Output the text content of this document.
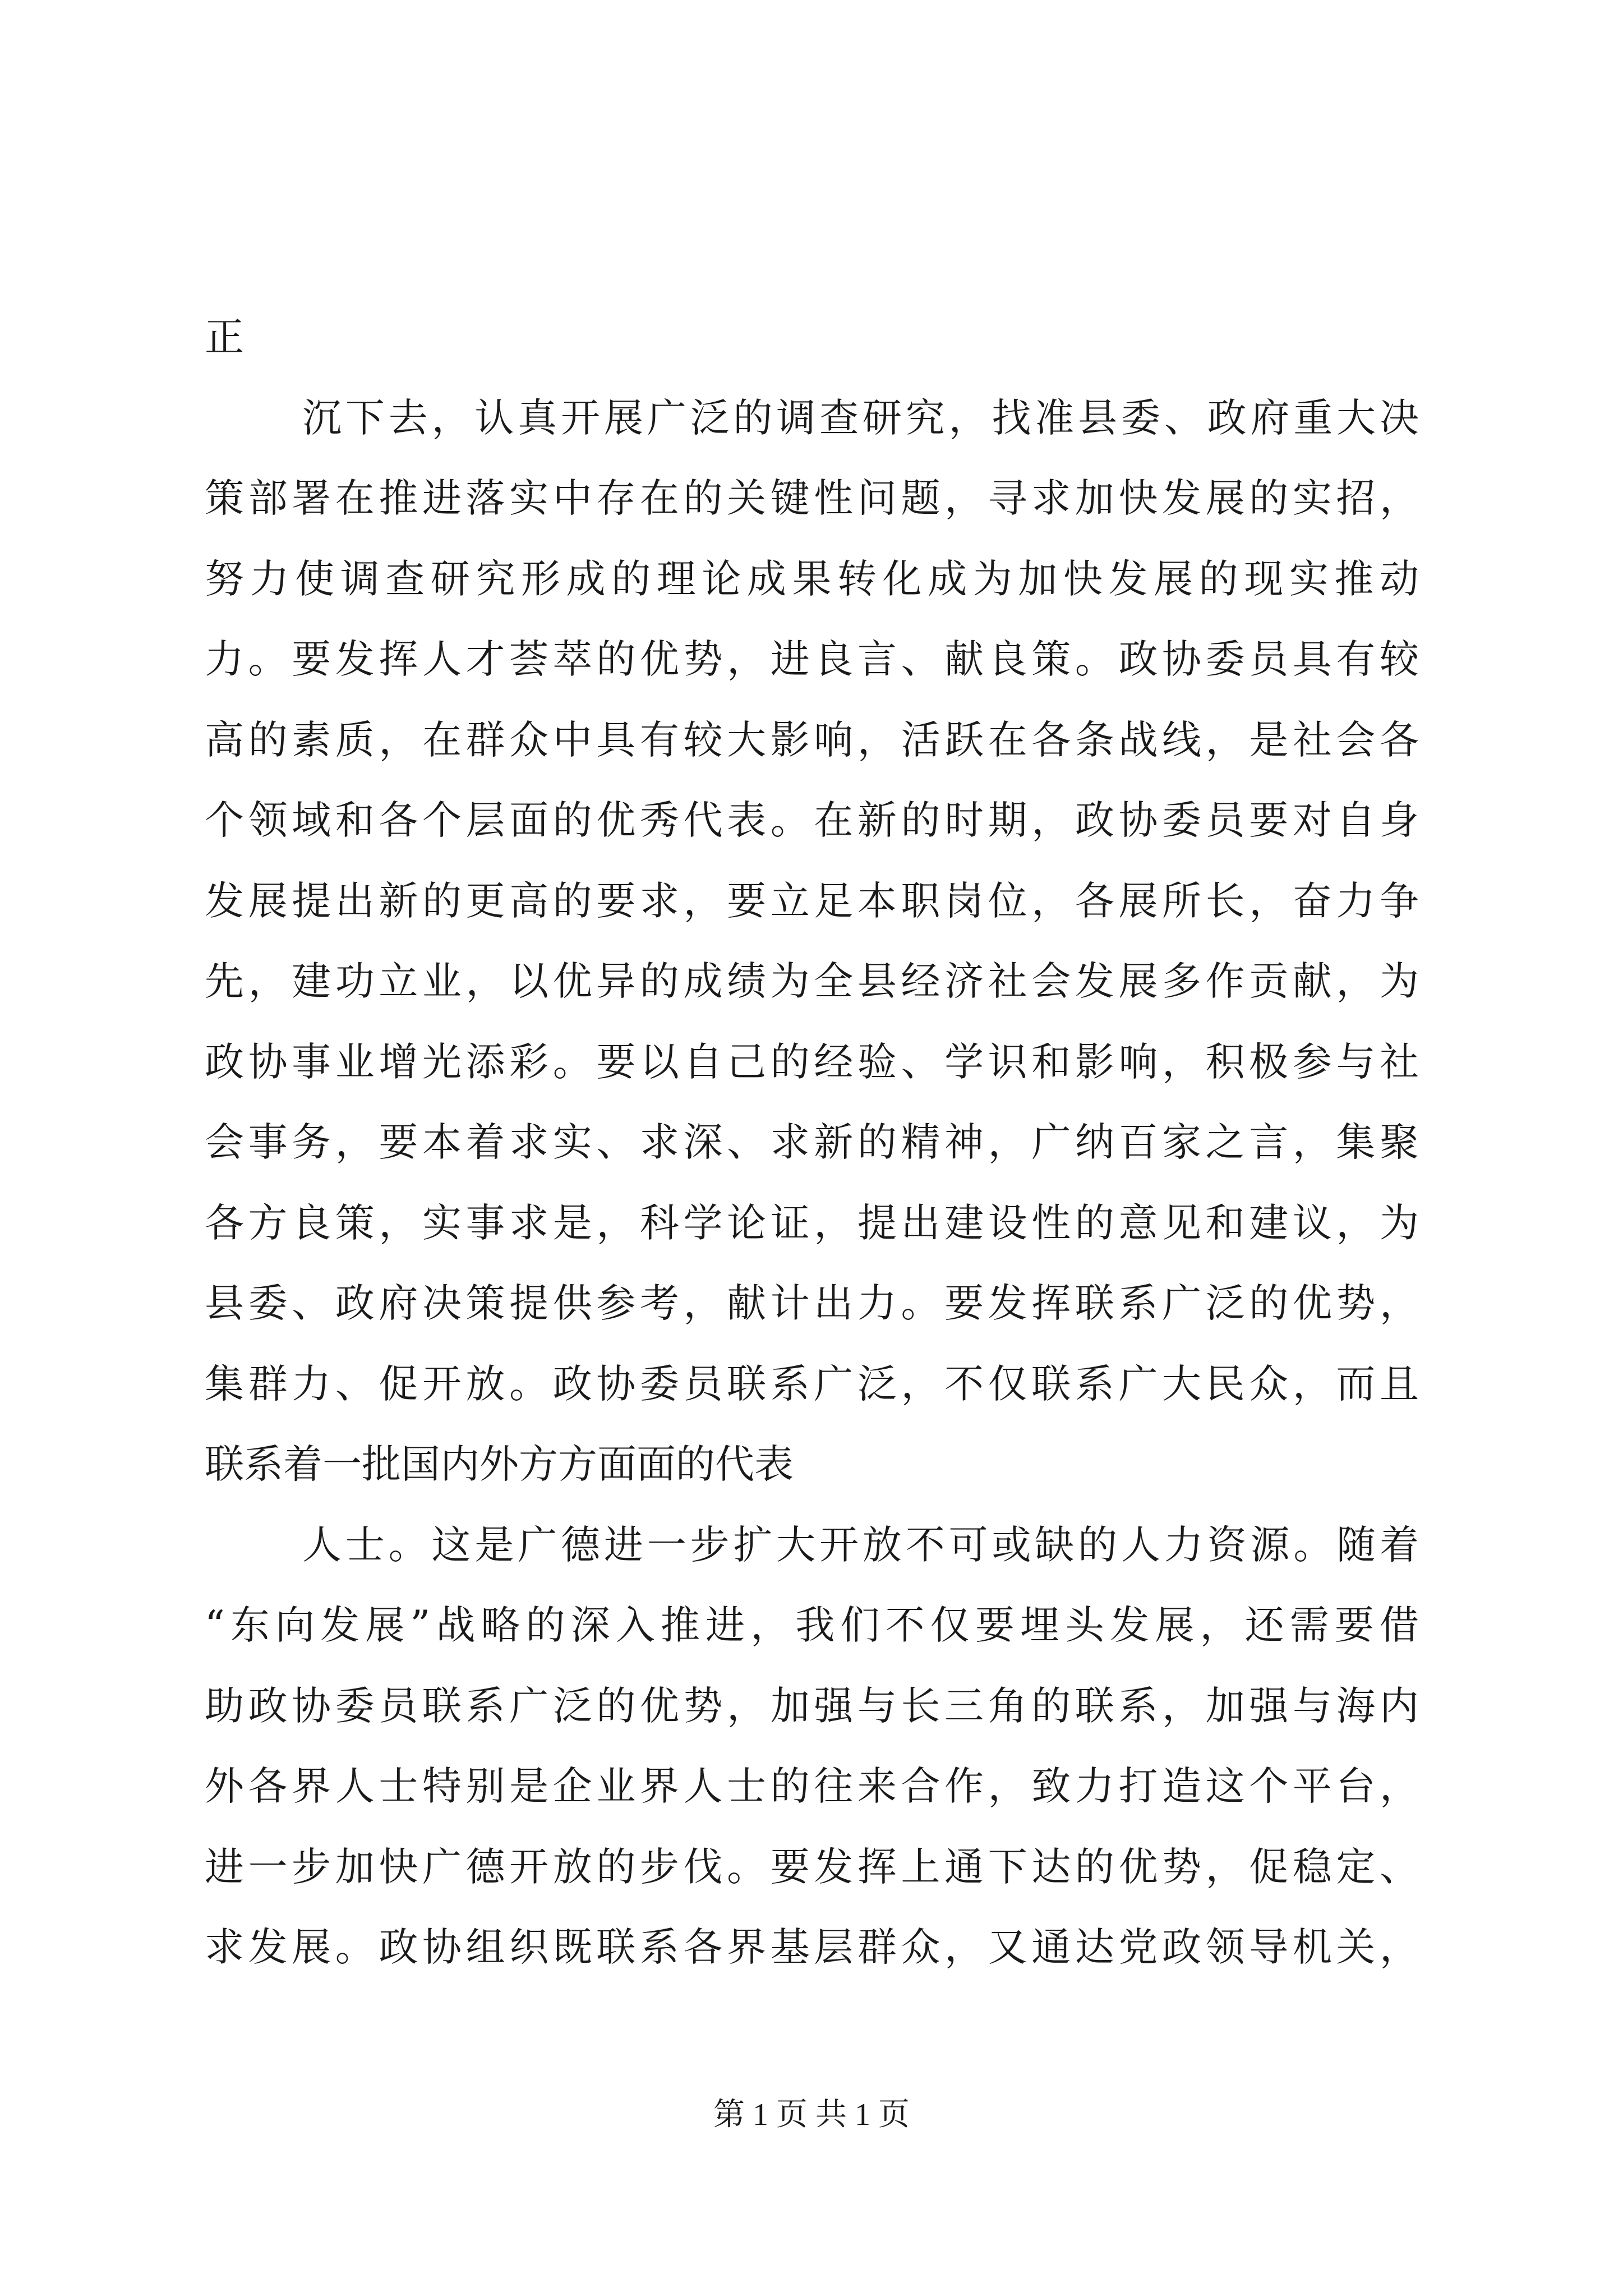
正
沉下去，认真开展广泛的调查研究，找准县委、政府重大决
策部署在推进落实中存在的关键性问题，寻求加快发展的实招，
努力使调查研究形成的理论成果转化成为加快发展的现实推动
力。要发挥人才荟萃的优势，进良言、献良策。政协委员具有较
高的素质，在群众中具有较大影响，活跃在各条战线，是社会各
个领域和各个层面的优秀代表。在新的时期，政协委员要对自身
发展提出新的更高的要求，要立足本职岗位，各展所长，奋力争
先，建功立业，以优异的成绩为全县经济社会发展多作贡献，为
政协事业增光添彩。要以自己的经验、学识和影响，积极参与社
会事务，要本着求实、求深、求新的精神，广纳百家之言，集聚
各方良策，实事求是，科学论证，提出建设性的意见和建议，为
县委、政府决策提供参考，献计出力。要发挥联系广泛的优势，
集群力、促开放。政协委员联系广泛，不仅联系广大民众，而且
联系着一批国内外方方面面的代表
人士。这是广德进一步扩大开放不可或缺的人力资源。随着
“东向发展”战略的深入推进，我们不仅要埋头发展，还需要借
助政协委员联系广泛的优势，加强与长三角的联系，加强与海内
外各界人士特别是企业界人士的往来合作，致力打造这个平台，
进一步加快广德开放的步伐。要发挥上通下达的优势，促稳定、
求发展。政协组织既联系各界基层群众，又通达党政领导机关，
第 1 页 共 1 页
